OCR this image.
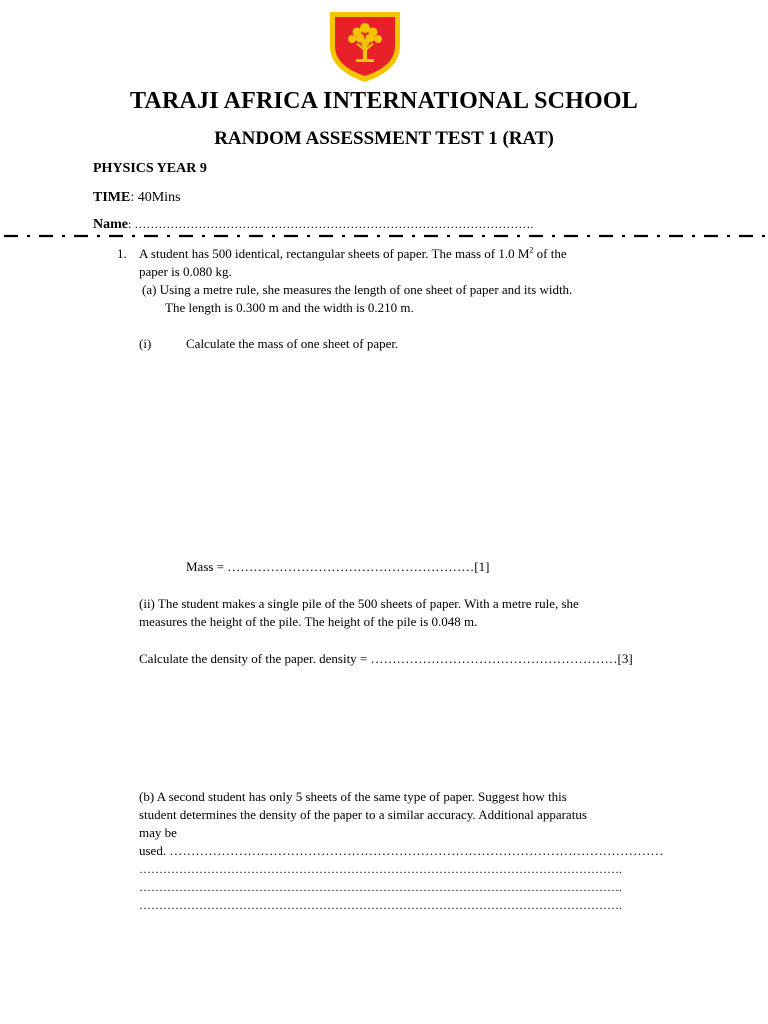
TARAJI AFRICA INTERNATIONAL SCHOOL
RANDOM ASSESSMENT TEST 1 (RAT)
PHYSICS YEAR 9
TIME: 40Mins
Name: ……………………………………………………………………………………….
1. A student has 500 identical, rectangular sheets of paper. The mass of 1.0 $M^2$ of the
paper is 0.080 kg.
(a) Using a metre rule, she measures the length of one sheet of paper and its width.
The length is 0.300 m and the width is 0.210 m.
(i)	Calculate the mass of one sheet of paper.
Mass = …………………………………………………[1]
(ii) The student makes a single pile of the 500 sheets of paper. With a metre rule, she
measures the height of the pile. The height of the pile is 0.048 m.
Calculate the density of the paper. density = …………………………………………………[3]
(b) A second student has only 5 sheets of the same type of paper. Suggest how this
student determines the density of the paper to a similar accuracy. Additional apparatus
may be
used. ……………………………………………………………………………………………………
………………………………………………………………………………………………………….
………………………………………………………………………………………………………….
………………………………………………………………………………………………………….
